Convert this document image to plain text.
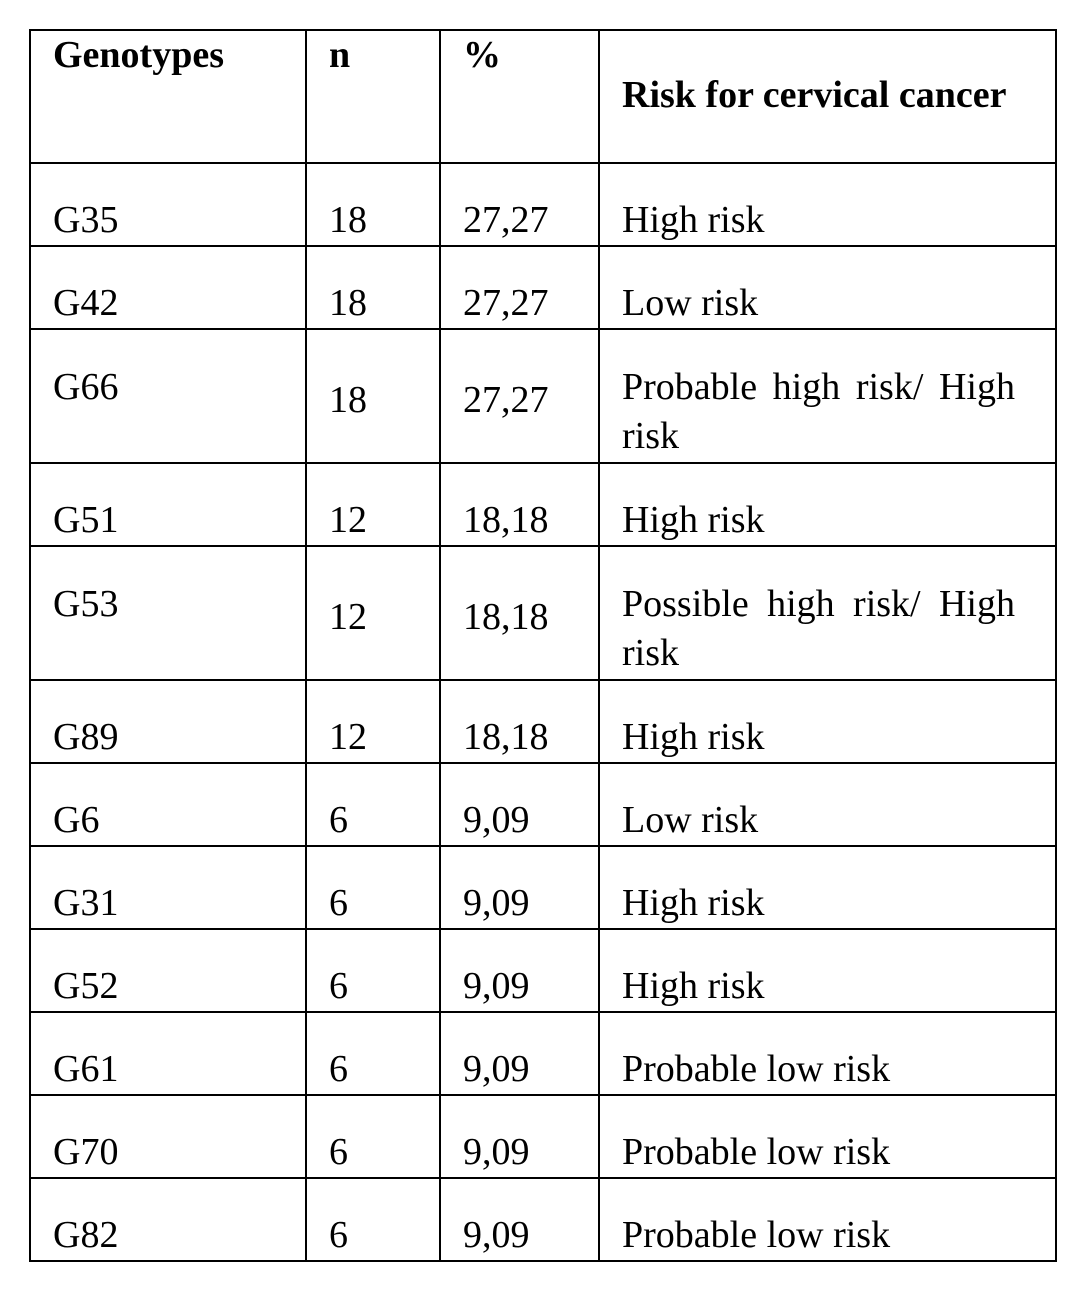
Genotypes	n	%	Risk for cervical cancer
G35	18	27,27	High risk
G42	18	27,27	Low risk
G66	18	27,27	Probable high risk/ High risk
G51	12	18,18	High risk
G53	12	18,18	Possible high risk/ High risk
G89	12	18,18	High risk
G6	6	9,09	Low risk
G31	6	9,09	High risk
G52	6	9,09	High risk
G61	6	9,09	Probable low risk
G70	6	9,09	Probable low risk
G82	6	9,09	Probable low risk
